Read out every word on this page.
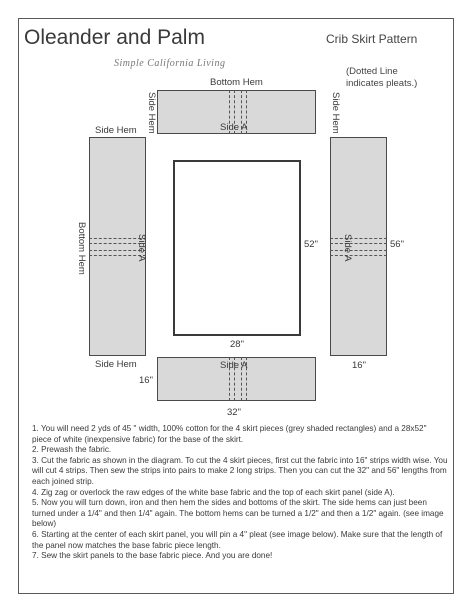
Oleander and Palm
Simple California Living
Crib Skirt Pattern
(Dotted Line indicates pleats.)
Bottom Hem
Side A
Side Hem	Side Hem
Side Hem
Bottom Hem	Side A
Side Hem
52"
28"
Side A	56"
16"
Side A
16"
32"

1. You will need 2 yds of 45 " width, 100% cotton for the 4 skirt pieces (grey shaded rectangles) and a 28x52" piece of white (inexpensive fabric) for the base of the skirt.

2. Prewash the fabric.

3. Cut the fabric as shown in the diagram. To cut the 4 skirt pieces, first cut the fabric into 16" strips width wise. You will cut 4 strips. Then sew the strips into pairs to make 2 long strips. Then you can cut the 32" and 56" lengths from each joined strip.

4. Zig zag or overlock the raw edges of the white base fabric and the top of each skirt panel (side A).

5. Now you will turn down, iron and then hem the sides and bottoms of the skirt. The side hems can just been turned under a 1/4" and then 1/4" again. The bottom hems can be turned a 1/2" and then a 1/2" again. (see image below)

6. Starting at the center of each skirt panel, you will pin a 4" pleat (see image below). Make sure that the length of the panel now matches the base fabric piece length.

7. Sew the skirt panels to the base fabric piece. And you are done!
